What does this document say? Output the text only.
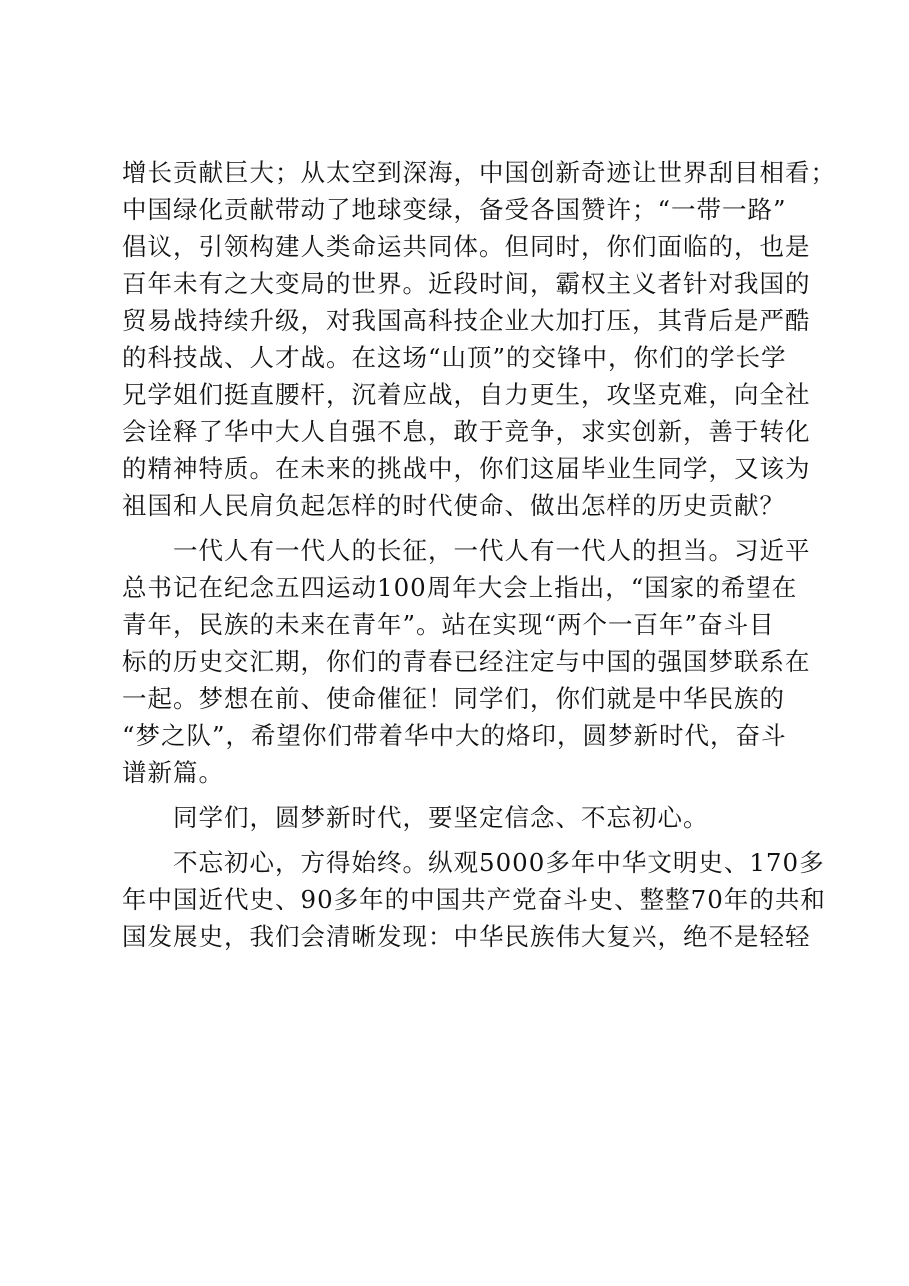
增长贡献巨大；从太空到深海，中国创新奇迹让世界刮目相看；
中国绿化贡献带动了地球变绿，备受各国赞许；“一带一路”
倡议，引领构建人类命运共同体。但同时，你们面临的，也是
百年未有之大变局的世界。近段时间，霸权主义者针对我国的
贸易战持续升级，对我国高科技企业大加打压，其背后是严酷
的科技战、人才战。在这场“山顶”的交锋中，你们的学长学
兄学姐们挺直腰杆，沉着应战，自力更生，攻坚克难，向全社
会诠释了华中大人自强不息，敢于竞争，求实创新，善于转化
的精神特质。在未来的挑战中，你们这届毕业生同学，又该为
祖国和人民肩负起怎样的时代使命、做出怎样的历史贡献？
　　一代人有一代人的长征，一代人有一代人的担当。习近平
总书记在纪念五四运动100周年大会上指出，“国家的希望在
青年，民族的未来在青年”。站在实现“两个一百年”奋斗目
标的历史交汇期，你们的青春已经注定与中国的强国梦联系在
一起。梦想在前、使命催征！同学们，你们就是中华民族的
“梦之队”，希望你们带着华中大的烙印，圆梦新时代，奋斗
谱新篇。
　　同学们，圆梦新时代，要坚定信念、不忘初心。
　　不忘初心，方得始终。纵观5000多年中华文明史、170多
年中国近代史、90多年的中国共产党奋斗史、整整70年的共和
国发展史，我们会清晰发现：中华民族伟大复兴，绝不是轻轻
